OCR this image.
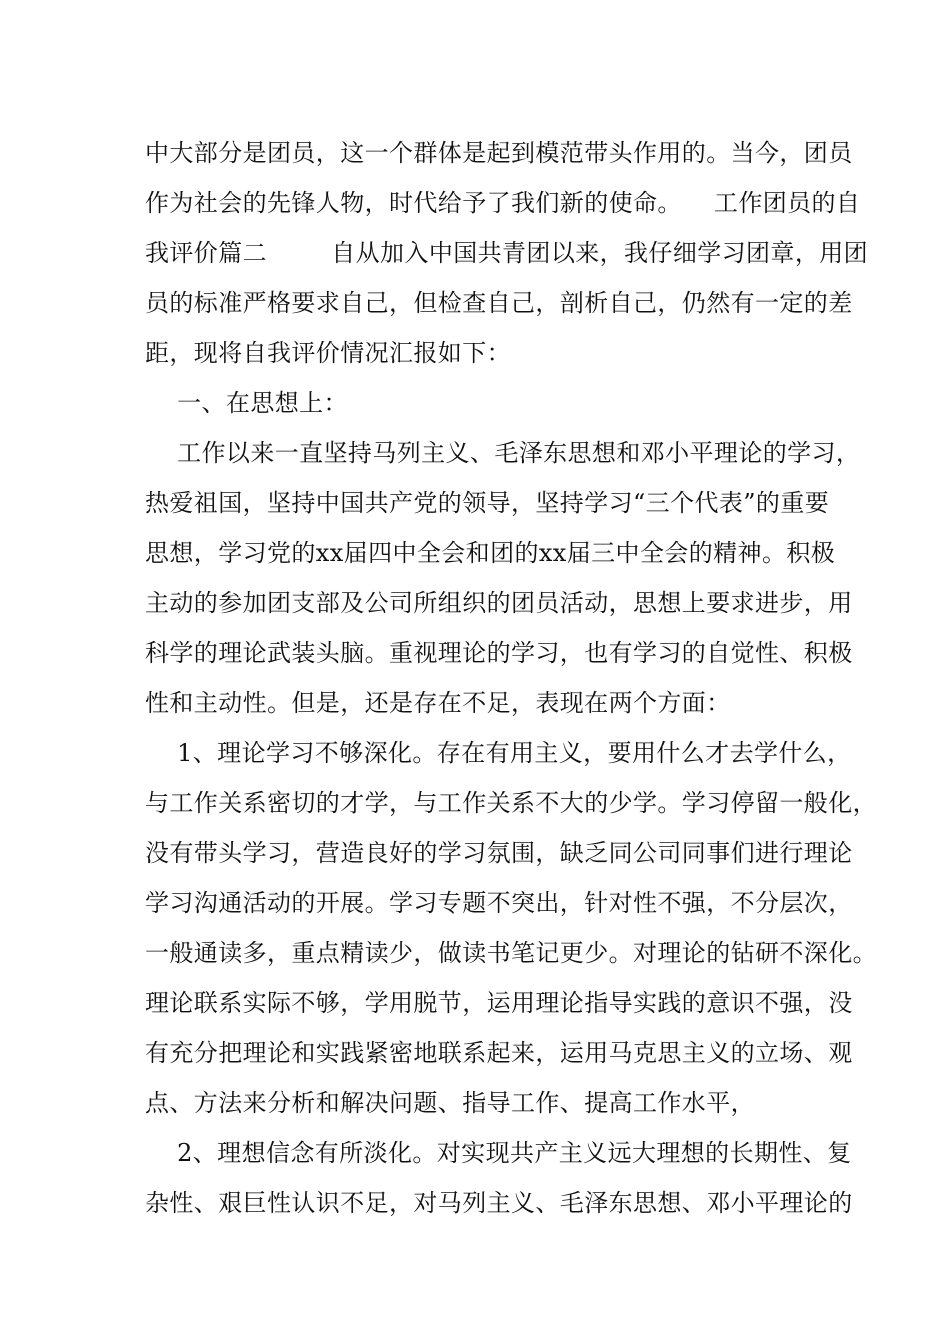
中大部分是团员，这一个群体是起到模范带头作用的。当今，团员
作为社会的先锋人物，时代给予了我们新的使命。    工作团员的自
我评价篇二        自从加入中国共青团以来，我仔细学习团章，用团
员的标准严格要求自己，但检查自己，剖析自己，仍然有一定的差
距，现将自我评价情况汇报如下：
一、在思想上：
工作以来一直坚持马列主义、毛泽东思想和邓小平理论的学习，
热爱祖国，坚持中国共产党的领导，坚持学习“三个代表”的重要
思想，学习党的xx届四中全会和团的xx届三中全会的精神。积极
主动的参加团支部及公司所组织的团员活动，思想上要求进步，用
科学的理论武装头脑。重视理论的学习，也有学习的自觉性、积极
性和主动性。但是，还是存在不足，表现在两个方面：
1、理论学习不够深化。存在有用主义，要用什么才去学什么，
与工作关系密切的才学，与工作关系不大的少学。学习停留一般化，
没有带头学习，营造良好的学习氛围，缺乏同公司同事们进行理论
学习沟通活动的开展。学习专题不突出，针对性不强，不分层次，
一般通读多，重点精读少，做读书笔记更少。对理论的钻研不深化。
理论联系实际不够，学用脱节，运用理论指导实践的意识不强，没
有充分把理论和实践紧密地联系起来，运用马克思主义的立场、观
点、方法来分析和解决问题、指导工作、提高工作水平，
2、理想信念有所淡化。对实现共产主义远大理想的长期性、复
杂性、艰巨性认识不足，对马列主义、毛泽东思想、邓小平理论的
